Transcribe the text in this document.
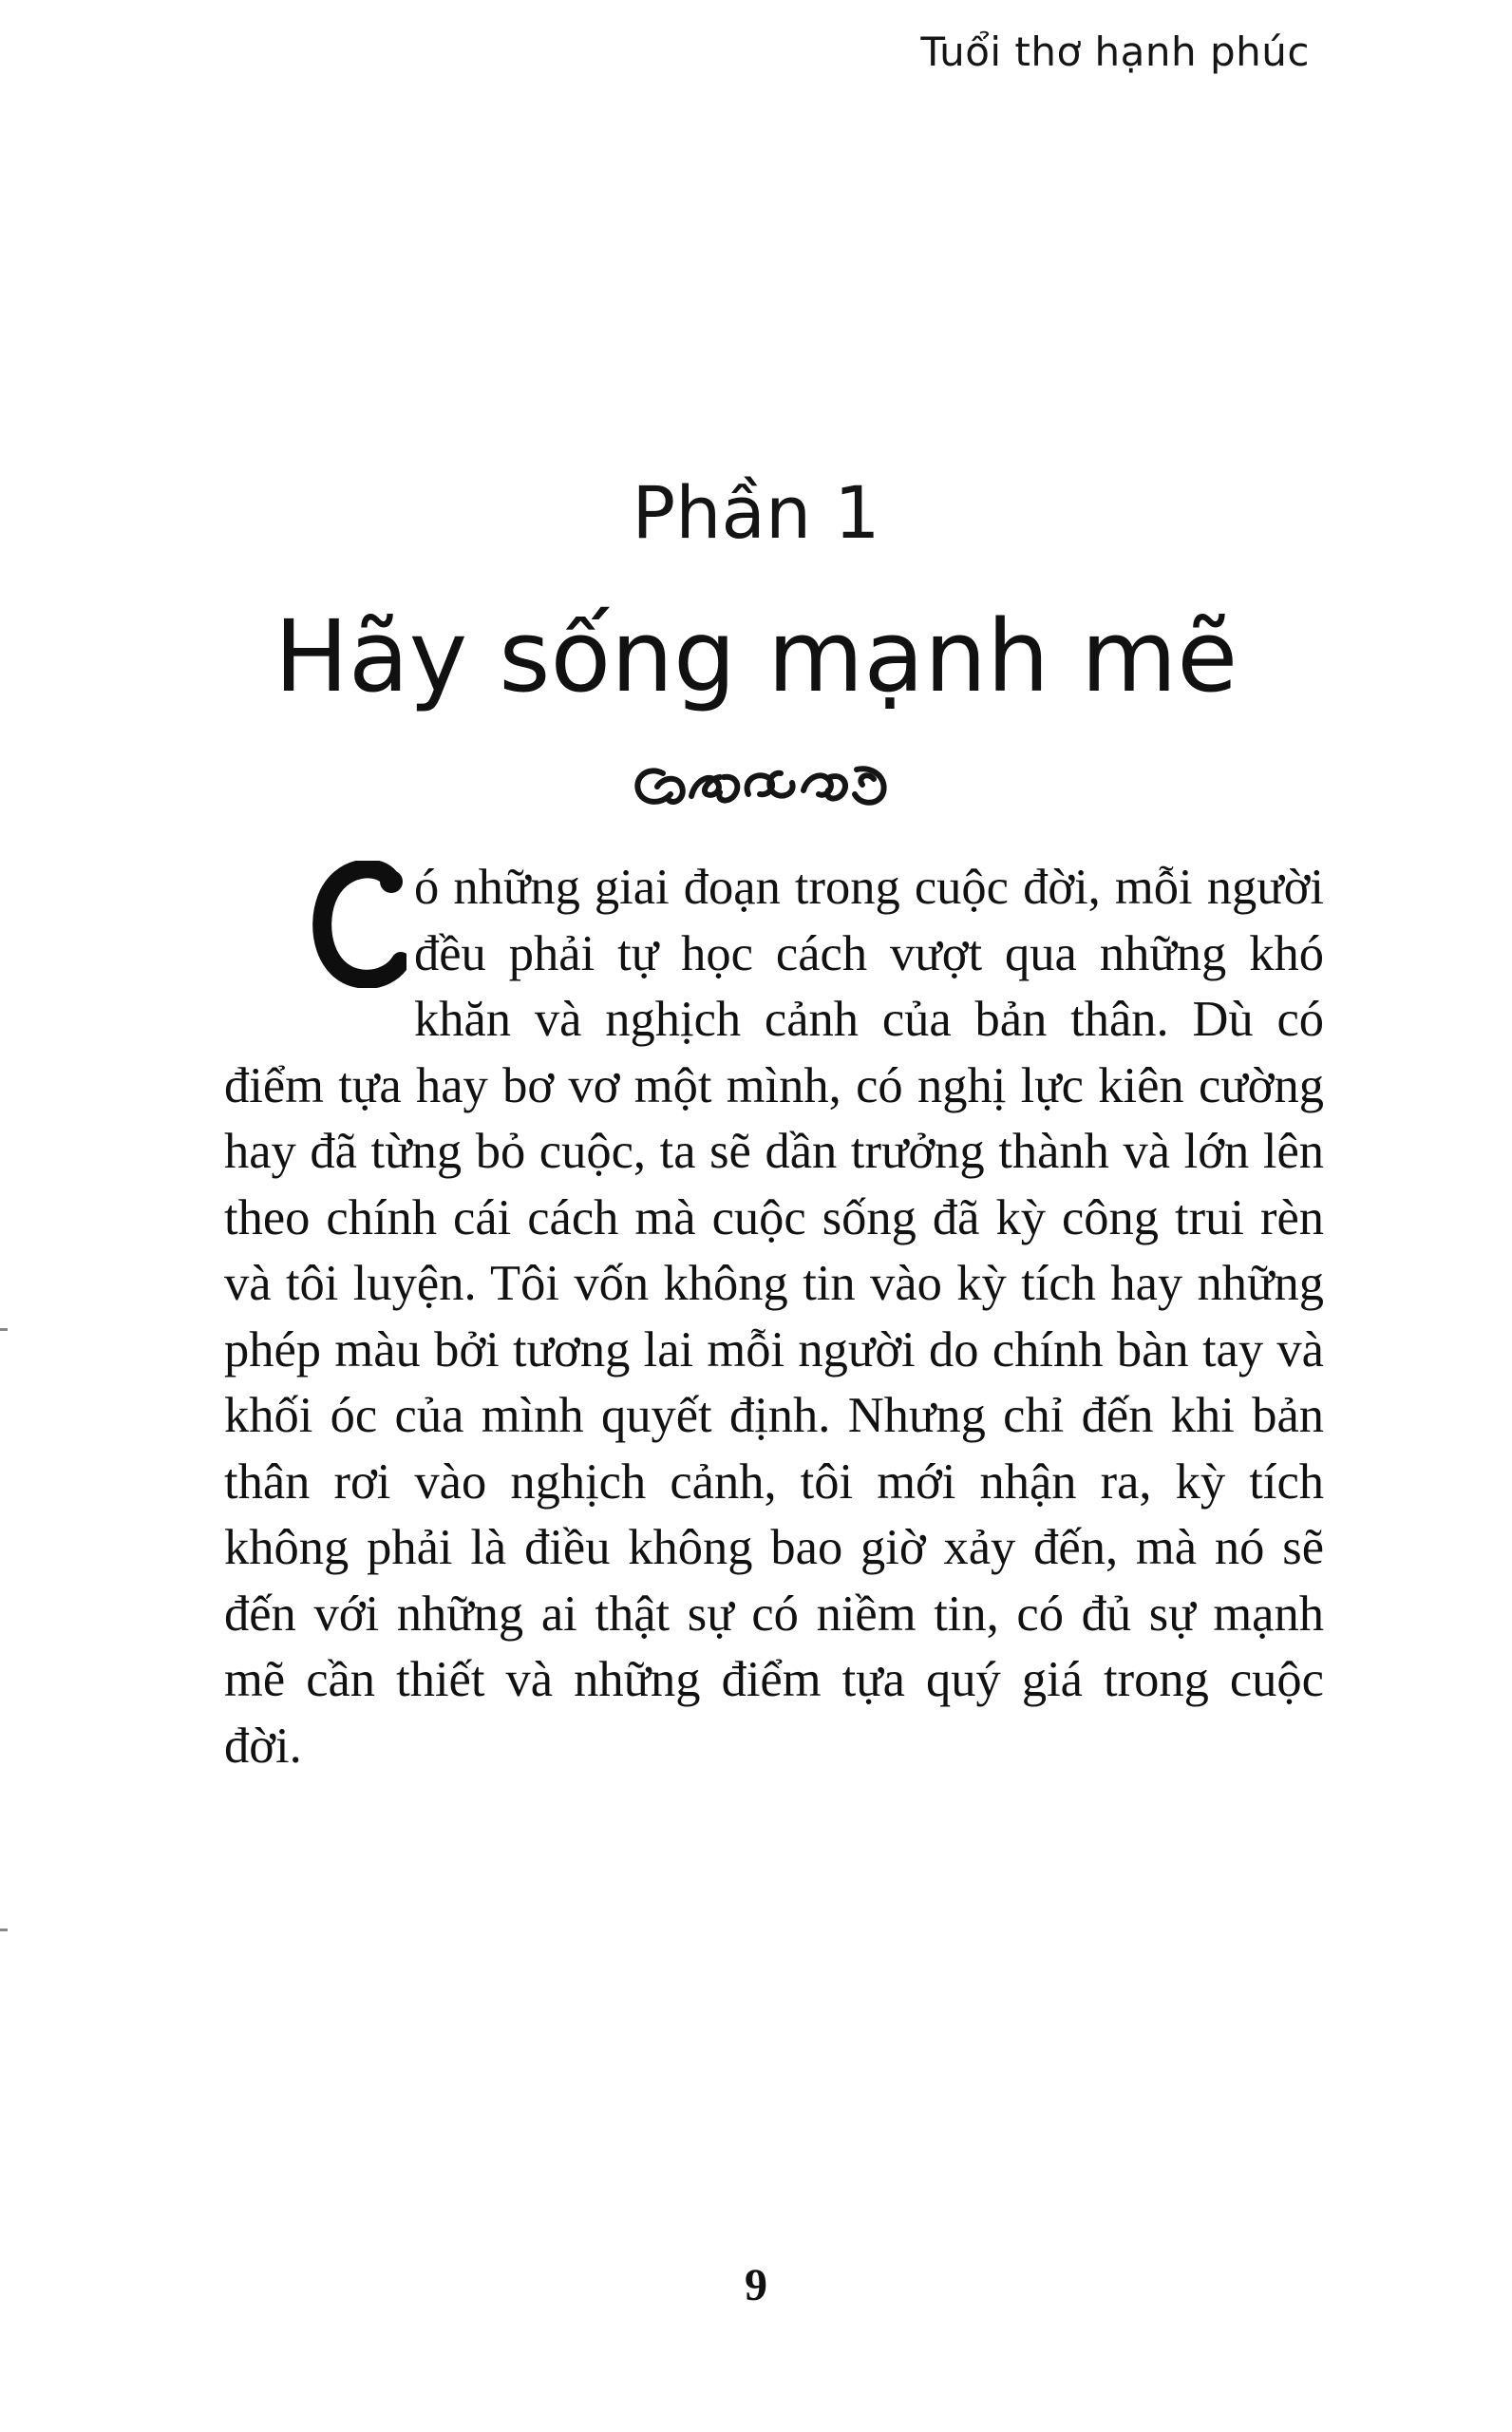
Tuổi thơ hạnh phúc
Phần 1
Hãy sống mạnh mẽ
ó những giai đoạn trong cuộc đời, mỗi người đều phải tự học cách vượt qua những khó khăn và nghịch cảnh của bản thân. Dù có điểm tựa hay bơ vơ một mình, có nghị lực kiên cường hay đã từng bỏ cuộc, ta sẽ dần trưởng thành và lớn lên theo chính cái cách mà cuộc sống đã kỳ công trui rèn và tôi luyện. Tôi vốn không tin vào kỳ tích hay những phép màu bởi tương lai mỗi người do chính bàn tay và khối óc của mình quyết định. Nhưng chỉ đến khi bản thân rơi vào nghịch cảnh, tôi mới nhận ra, kỳ tích không phải là điều không bao giờ xảy đến, mà nó sẽ đến với những ai thật sự có niềm tin, có đủ sự mạnh mẽ cần thiết và những điểm tựa quý giá trong cuộc đời.
9
